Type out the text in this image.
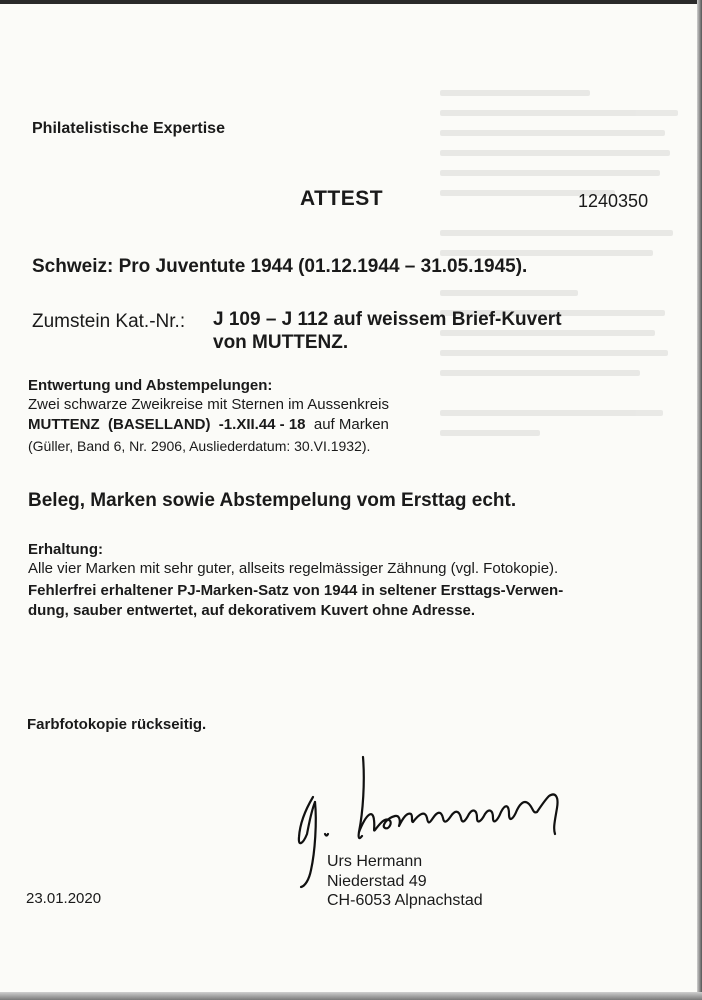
Philatelistische Expertise
ATTEST	1240350
Schweiz: Pro Juventute 1944 (01.12.1944 – 31.05.1945).
Zumstein Kat.-Nr.: J 109 – J 112 auf weissem Brief-Kuvert
von MUTTENZ.
Entwertung und Abstempelungen:
Zwei schwarze Zweikreise mit Sternen im Aussenkreis
MUTTENZ  (BASELLAND)  -1.XII.44 - 18  auf Marken
(Güller, Band 6, Nr. 2906, Ausliederdatum: 30.VI.1932).
Beleg, Marken sowie Abstempelung vom Ersttag echt.
Erhaltung:
Alle vier Marken mit sehr guter, allseits regelmässiger Zähnung (vgl. Fotokopie).
Fehlerfrei erhaltener PJ-Marken-Satz von 1944 in seltener Ersttags-Verwen-
dung, sauber entwertet, auf dekorativem Kuvert ohne Adresse.
Farbfotokopie rückseitig.
Urs Hermann
Niederstad 49
CH-6053 Alpnachstad
23.01.2020
